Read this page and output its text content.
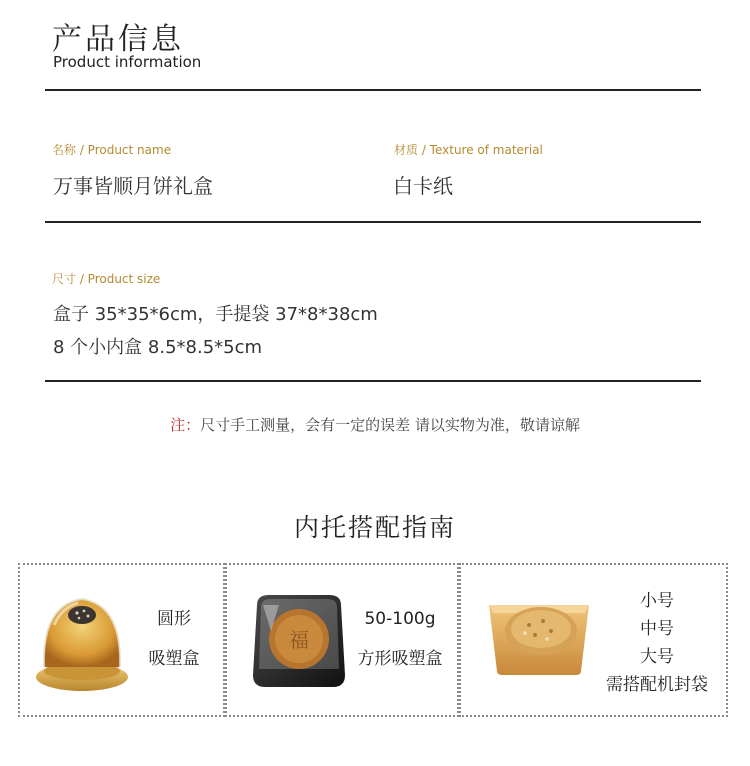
产品信息
Product information
名称 / Product name
万事皆顺月饼礼盒
材质 / Texture of material
白卡纸
尺寸 / Product size
盒子 35*35*6cm，手提袋 37*8*38cm
8 个小内盒 8.5*8.5*5cm
注：尺寸手工测量，会有一定的误差 请以实物为准，敬请谅解
内托搭配指南
圆形
吸塑盒
福
50-100g
方形吸塑盒
小号
中号
大号
需搭配机封袋
